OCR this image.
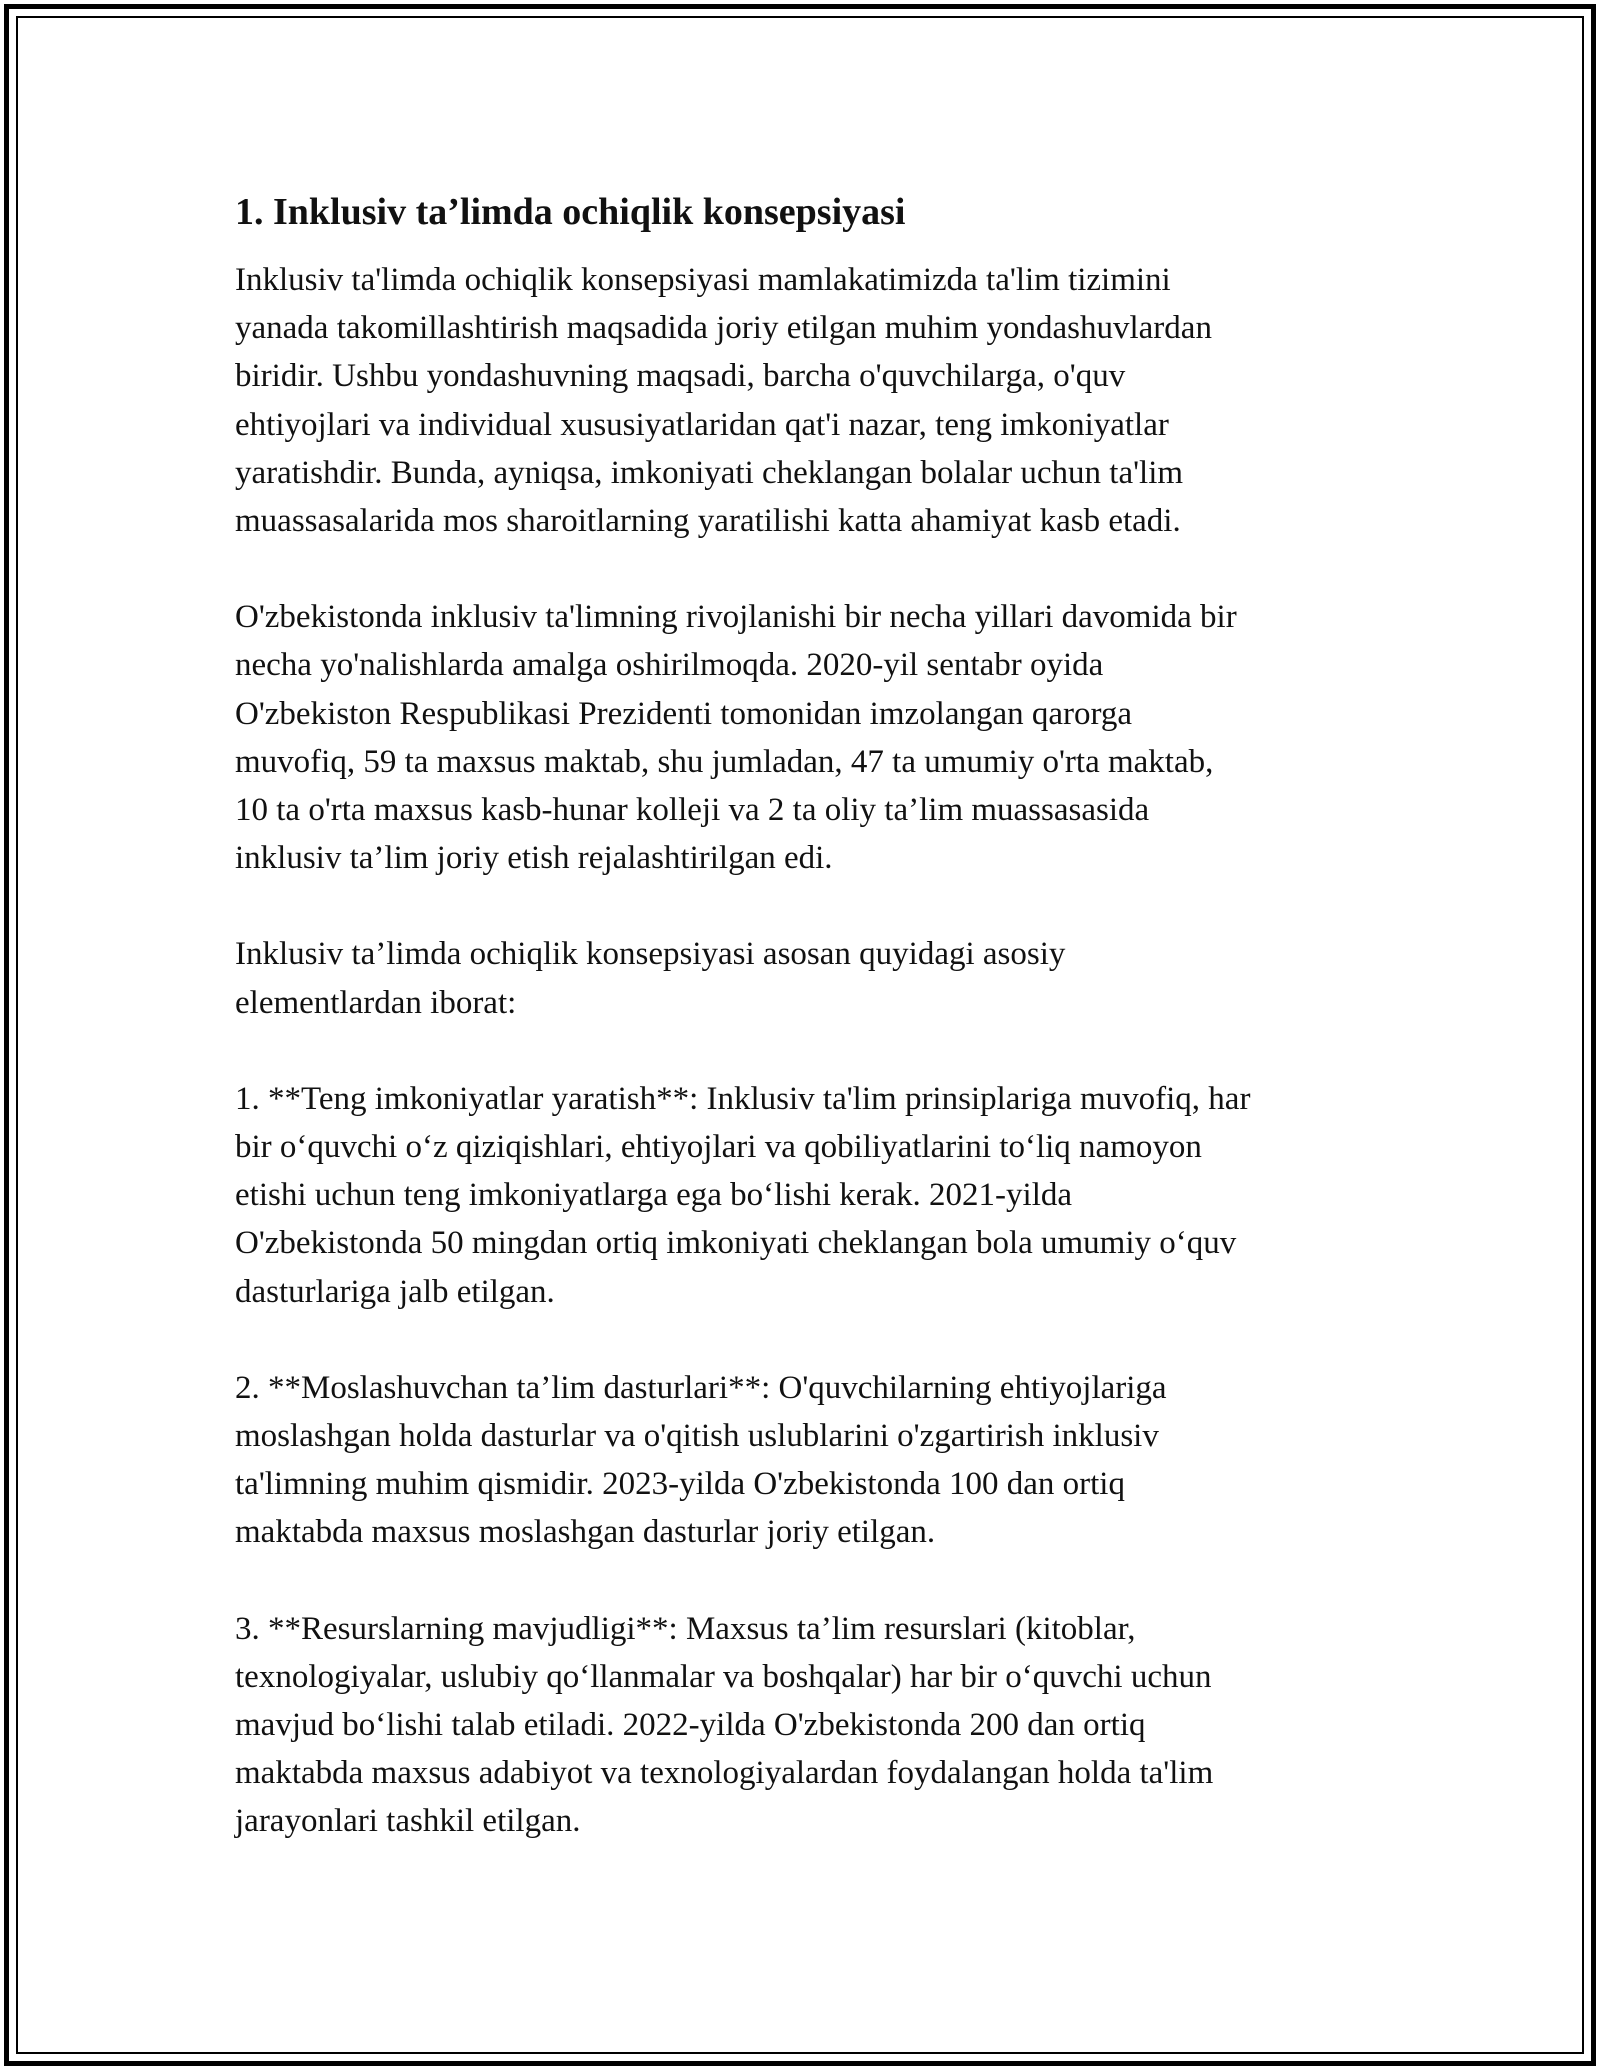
1. Inklusiv ta’limda ochiqlik konsepsiyasi

Inklusiv ta'limda ochiqlik konsepsiyasi mamlakatimizda ta'lim tizimini
yanada takomillashtirish maqsadida joriy etilgan muhim yondashuvlardan
biridir. Ushbu yondashuvning maqsadi, barcha o'quvchilarga, o'quv
ehtiyojlari va individual xususiyatlaridan qat'i nazar, teng imkoniyatlar
yaratishdir. Bunda, ayniqsa, imkoniyati cheklangan bolalar uchun ta'lim
muassasalarida mos sharoitlarning yaratilishi katta ahamiyat kasb etadi.

O'zbekistonda inklusiv ta'limning rivojlanishi bir necha yillari davomida bir
necha yo'nalishlarda amalga oshirilmoqda. 2020-yil sentabr oyida
O'zbekiston Respublikasi Prezidenti tomonidan imzolangan qarorga
muvofiq, 59 ta maxsus maktab, shu jumladan, 47 ta umumiy o'rta maktab,
10 ta o'rta maxsus kasb-hunar kolleji va 2 ta oliy ta’lim muassasasida
inklusiv ta’lim joriy etish rejalashtirilgan edi.

Inklusiv ta’limda ochiqlik konsepsiyasi asosan quyidagi asosiy
elementlardan iborat:

1. **Teng imkoniyatlar yaratish**: Inklusiv ta'lim prinsiplariga muvofiq, har
bir o‘quvchi o‘z qiziqishlari, ehtiyojlari va qobiliyatlarini to‘liq namoyon
etishi uchun teng imkoniyatlarga ega bo‘lishi kerak. 2021-yilda
O'zbekistonda 50 mingdan ortiq imkoniyati cheklangan bola umumiy o‘quv
dasturlariga jalb etilgan.

2. **Moslashuvchan ta’lim dasturlari**: O'quvchilarning ehtiyojlariga
moslashgan holda dasturlar va o'qitish uslublarini o'zgartirish inklusiv
ta'limning muhim qismidir. 2023-yilda O'zbekistonda 100 dan ortiq
maktabda maxsus moslashgan dasturlar joriy etilgan.

3. **Resurslarning mavjudligi**: Maxsus ta’lim resurslari (kitoblar,
texnologiyalar, uslubiy qo‘llanmalar va boshqalar) har bir o‘quvchi uchun
mavjud bo‘lishi talab etiladi. 2022-yilda O'zbekistonda 200 dan ortiq
maktabda maxsus adabiyot va texnologiyalardan foydalangan holda ta'lim
jarayonlari tashkil etilgan.
